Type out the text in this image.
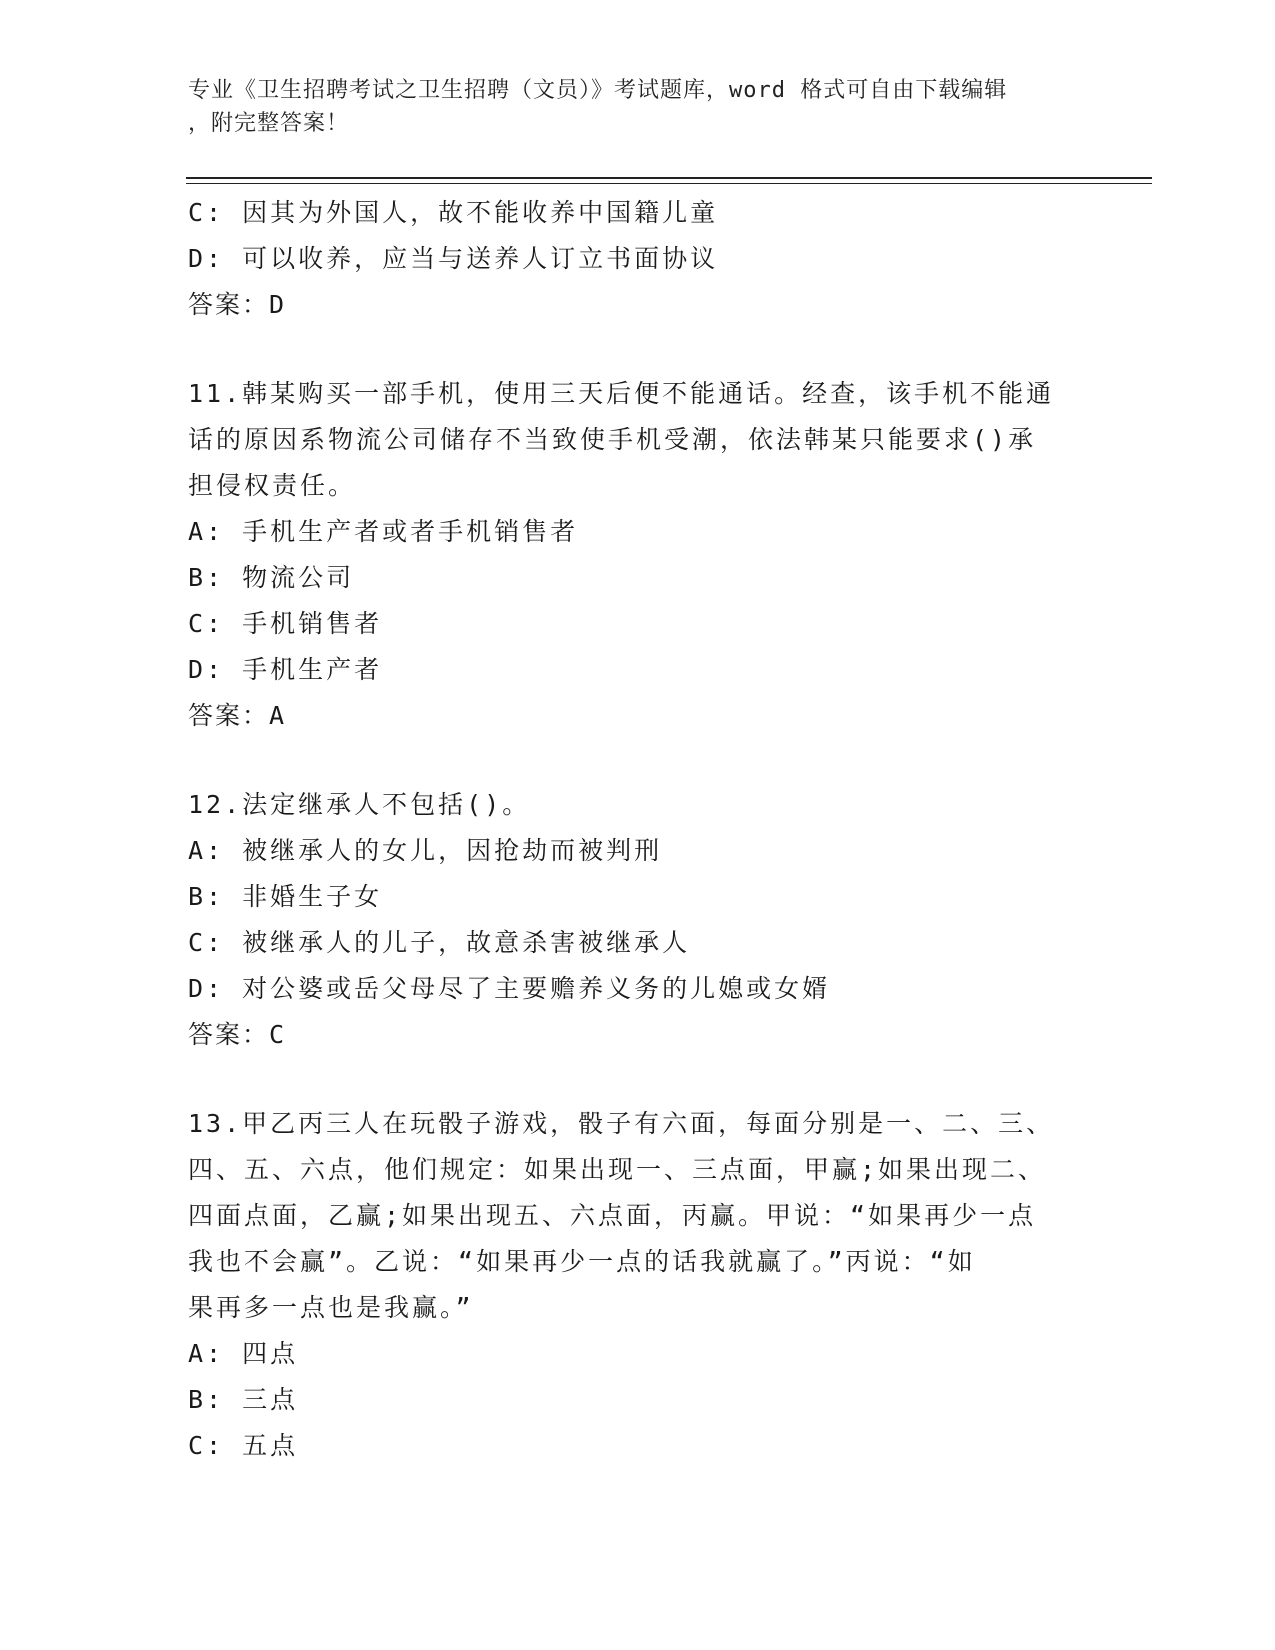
专业《卫生招聘考试之卫生招聘（文员）》考试题库，word 格式可自由下载编辑
，附完整答案！
C: 因其为外国人，故不能收养中国籍儿童
D: 可以收养，应当与送养人订立书面协议
答案：D
11.韩某购买一部手机，使用三天后便不能通话。经查，该手机不能通
话的原因系物流公司储存不当致使手机受潮，依法韩某只能要求()承
担侵权责任。
A: 手机生产者或者手机销售者
B: 物流公司
C: 手机销售者
D: 手机生产者
答案：A
12.法定继承人不包括()。
A: 被继承人的女儿，因抢劫而被判刑
B: 非婚生子女
C: 被继承人的儿子，故意杀害被继承人
D: 对公婆或岳父母尽了主要赡养义务的儿媳或女婿
答案：C
13.甲乙丙三人在玩骰子游戏，骰子有六面，每面分别是一、二、三、
四、五、六点，他们规定：如果出现一、三点面，甲赢;如果出现二、
四面点面，乙赢;如果出现五、六点面，丙赢。甲说：“如果再少一点
我也不会赢”。乙说：“如果再少一点的话我就赢了。”丙说：“如
果再多一点也是我赢。”
A: 四点
B: 三点
C: 五点
